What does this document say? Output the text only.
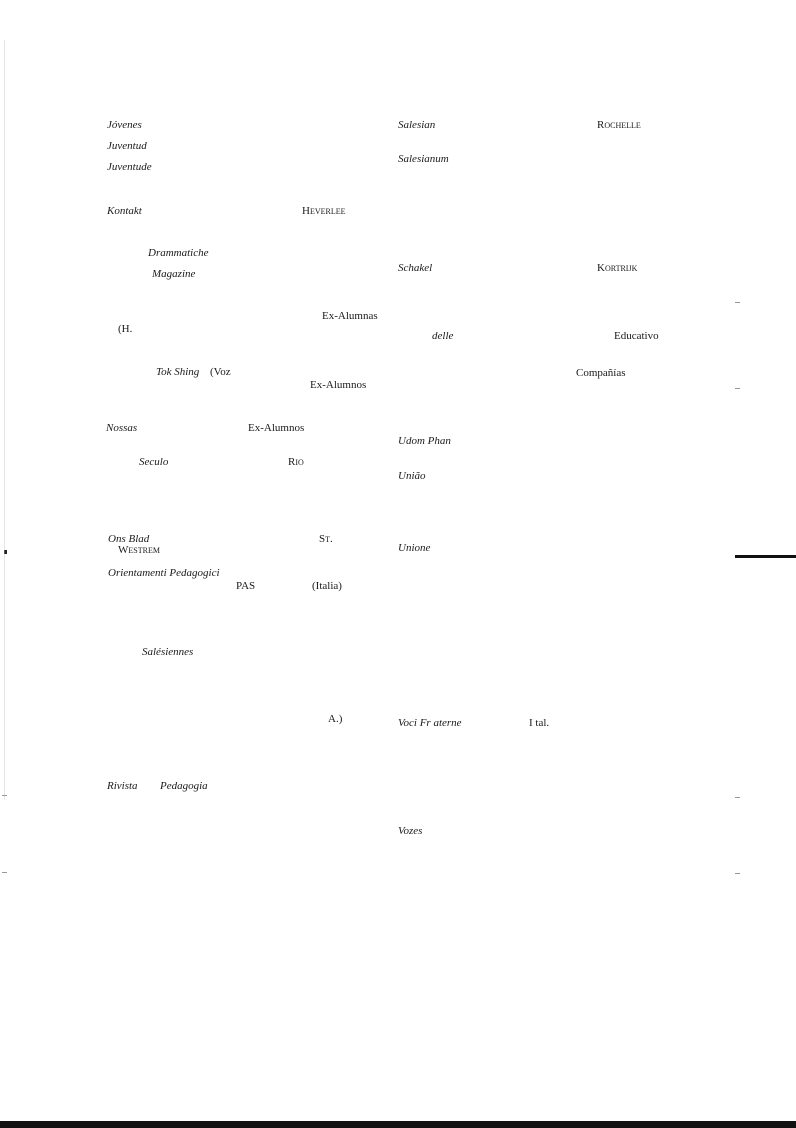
Jóvenes
Juventud
Juventude
Kontakt	Heverlee
Drammatiche
Magazine
Ex-Alumnas
(H.
Tok Shing (Voz
Ex-Alumnos
Nossas	Ex-Alumnos
Seculo	Rio
Ons Blad	St.
Westrem
Orientamenti Pedagogici
PAS	(Italia)
Salésiennes
A.)
Rivista Pedagogia
Salesian
Salesianum
Schakel
delle
Udom Phan
União
Unione
Voci Fr aterne	I tal.
Vozes
Rochelle
Kortrijk
Educativo
Compañías
